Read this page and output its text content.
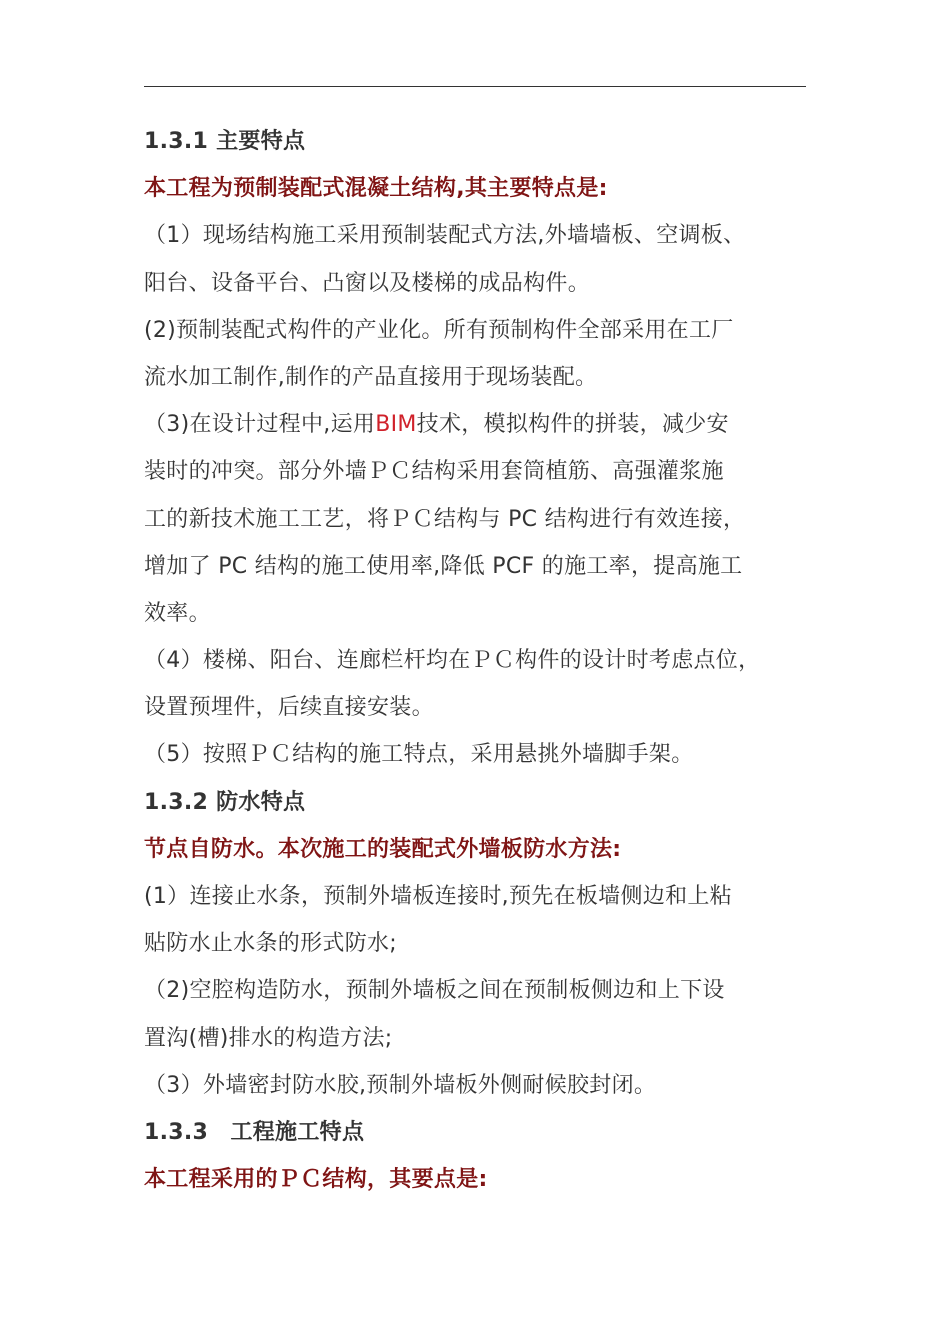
1.3.1 主要特点
本工程为预制装配式混凝土结构,其主要特点是:
（1）现场结构施工采用预制装配式方法,外墙墙板、空调板、
阳台、设备平台、凸窗以及楼梯的成品构件。
(2)预制装配式构件的产业化。所有预制构件全部采用在工厂
流水加工制作,制作的产品直接用于现场装配。
（3)在设计过程中,运用BIM技术，模拟构件的拼装，减少安
装时的冲突。部分外墙ＰＣ结构采用套筒植筋、高强灌浆施
工的新技术施工工艺，将ＰＣ结构与 PC 结构进行有效连接，
增加了 PC 结构的施工使用率,降低 PCF 的施工率，提高施工
效率。
（4）楼梯、阳台、连廊栏杆均在ＰＣ构件的设计时考虑点位，
设置预埋件，后续直接安装。
（5）按照ＰＣ结构的施工特点，采用悬挑外墙脚手架。
1.3.2 防水特点
节点自防水。本次施工的装配式外墙板防水方法:
(1）连接止水条，预制外墙板连接时,预先在板墙侧边和上粘
贴防水止水条的形式防水;
（2)空腔构造防水，预制外墙板之间在预制板侧边和上下设
置沟(槽)排水的构造方法;
（3）外墙密封防水胶,预制外墙板外侧耐候胶封闭。
1.3.3　工程施工特点
本工程采用的ＰＣ结构，其要点是:
